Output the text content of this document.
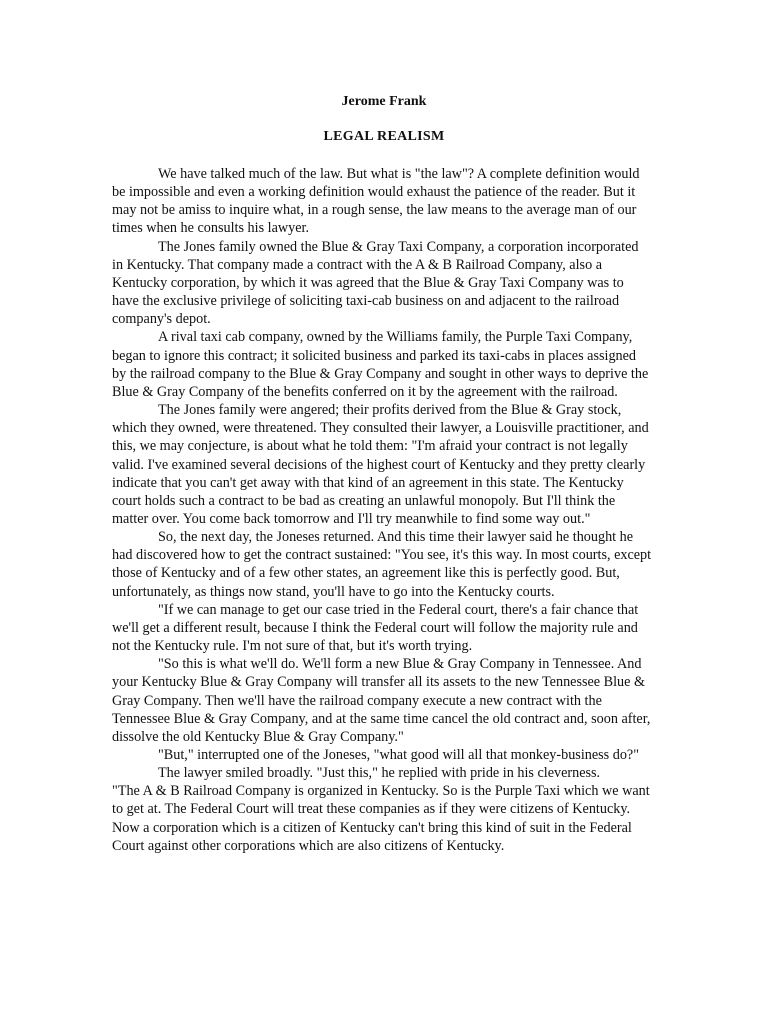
Jerome Frank
LEGAL REALISM

We have talked much of the law. But what is "the law"? A complete definition would be impossible and even a working definition would exhaust the patience of the reader. But it may not be amiss to inquire what, in a rough sense, the law means to the average man of our times when he consults his lawyer.

The Jones family owned the Blue & Gray Taxi Company, a corporation incorporated in Kentucky. That company made a contract with the A & B Railroad Company, also a Kentucky corporation, by which it was agreed that the Blue & Gray Taxi Company was to have the exclusive privilege of soliciting taxi-cab business on and adjacent to the railroad company's depot.

A rival taxi cab company, owned by the Williams family, the Purple Taxi Company, began to ignore this contract; it solicited business and parked its taxi-cabs in places assigned by the railroad company to the Blue & Gray Company and sought in other ways to deprive the Blue & Gray Company of the benefits conferred on it by the agreement with the railroad.

The Jones family were angered; their profits derived from the Blue & Gray stock, which they owned, were threatened. They consulted their lawyer, a Louisville practitioner, and this, we may conjecture, is about what he told them: "I'm afraid your contract is not legally valid. I've examined several decisions of the highest court of Kentucky and they pretty clearly indicate that you can't get away with that kind of an agreement in this state. The Kentucky court holds such a contract to be bad as creating an unlawful monopoly. But I'll think the matter over. You come back tomorrow and I'll try meanwhile to find some way out."

So, the next day, the Joneses returned. And this time their lawyer said he thought he had discovered how to get the contract sustained: "You see, it's this way. In most courts, except those of Kentucky and of a few other states, an agreement like this is perfectly good. But, unfortunately, as things now stand, you'll have to go into the Kentucky courts.

"If we can manage to get our case tried in the Federal court, there's a fair chance that we'll get a different result, because I think the Federal court will follow the majority rule and not the Kentucky rule. I'm not sure of that, but it's worth trying.

"So this is what we'll do. We'll form a new Blue & Gray Company in Tennessee. And your Kentucky Blue & Gray Company will transfer all its assets to the new Tennessee Blue & Gray Company. Then we'll have the railroad company execute a new contract with the Tennessee Blue & Gray Company, and at the same time cancel the old contract and, soon after, dissolve the old Kentucky Blue & Gray Company."

"But," interrupted one of the Joneses, "what good will all that monkey-business do?"

The lawyer smiled broadly. "Just this," he replied with pride in his cleverness.

"The A & B Railroad Company is organized in Kentucky. So is the Purple Taxi which we want to get at. The Federal Court will treat these companies as if they were citizens of Kentucky. Now a corporation which is a citizen of Kentucky can't bring this kind of suit in the Federal Court against other corporations which are also citizens of Kentucky.
